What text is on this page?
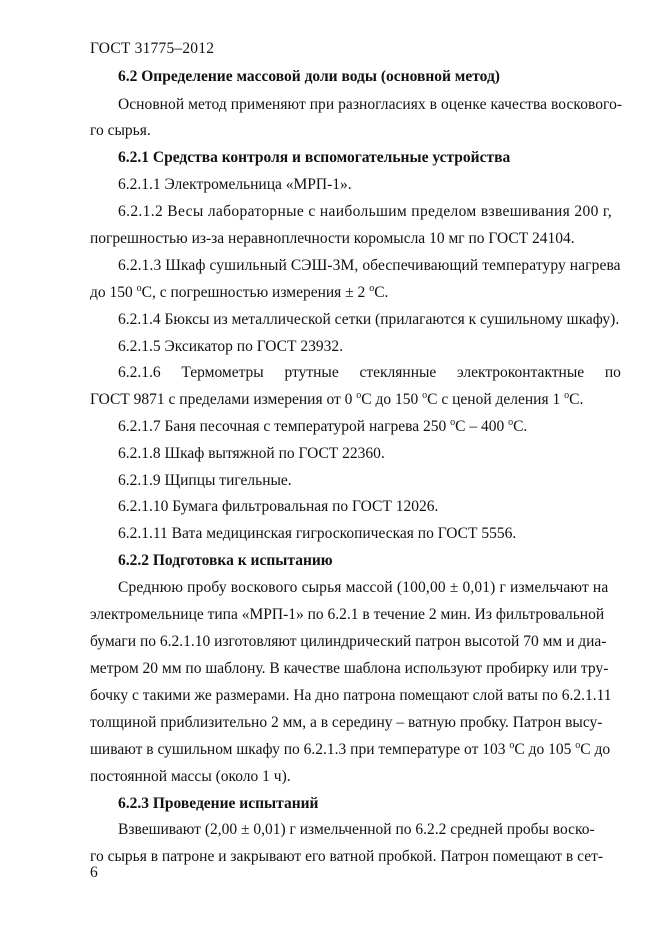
ГОСТ 31775–2012
6.2 Определение массовой доли воды (основной метод)
Основной метод применяют при разногласиях в оценке качества воскового-
го сырья.
6.2.1 Средства контроля и вспомогательные устройства
6.2.1.1 Электромельница «МРП-1».
6.2.1.2 Весы лабораторные с наибольшим пределом взвешивания 200 г,
погрешностью из-за неравноплечности коромысла 10 мг по ГОСТ 24104.
6.2.1.3 Шкаф сушильный СЭШ-3М, обеспечивающий температуру нагрева
до 150 $^o$С, с погрешностью измерения ± 2 $^o$С.
6.2.1.4 Бюксы из металлической сетки (прилагаются к сушильному шкафу).
6.2.1.5 Эксикатор по ГОСТ 23932.
6.2.1.6 Термометры ртутные стеклянные электроконтактные по
ГОСТ 9871 с пределами измерения от 0 $^o$С до 150 $^o$С с ценой деления 1 $^o$С.
6.2.1.7 Баня песочная с температурой нагрева 250 $^o$С – 400 $^o$С.
6.2.1.8 Шкаф вытяжной по ГОСТ 22360.
6.2.1.9 Щипцы тигельные.
6.2.1.10 Бумага фильтровальная по ГОСТ 12026.
6.2.1.11 Вата медицинская гигроскопическая по ГОСТ 5556.
6.2.2 Подготовка к испытанию
Среднюю пробу воскового сырья массой (100,00 ± 0,01) г измельчают на
электромельнице типа «МРП-1» по 6.2.1 в течение 2 мин. Из фильтровальной
бумаги по 6.2.1.10 изготовляют цилиндрический патрон высотой 70 мм и диа-
метром 20 мм по шаблону. В качестве шаблона используют пробирку или тру-
бочку с такими же размерами. На дно патрона помещают слой ваты по 6.2.1.11
толщиной приблизительно 2 мм, а в середину – ватную пробку. Патрон высу-
шивают в сушильном шкафу по 6.2.1.3 при температуре от 103 $^o$С до 105 $^o$С до
постоянной массы (около 1 ч).
6.2.3 Проведение испытаний
Взвешивают (2,00 ± 0,01) г измельченной по 6.2.2 средней пробы воско-
го сырья в патроне и закрывают его ватной пробкой. Патрон помещают в сет-
6
